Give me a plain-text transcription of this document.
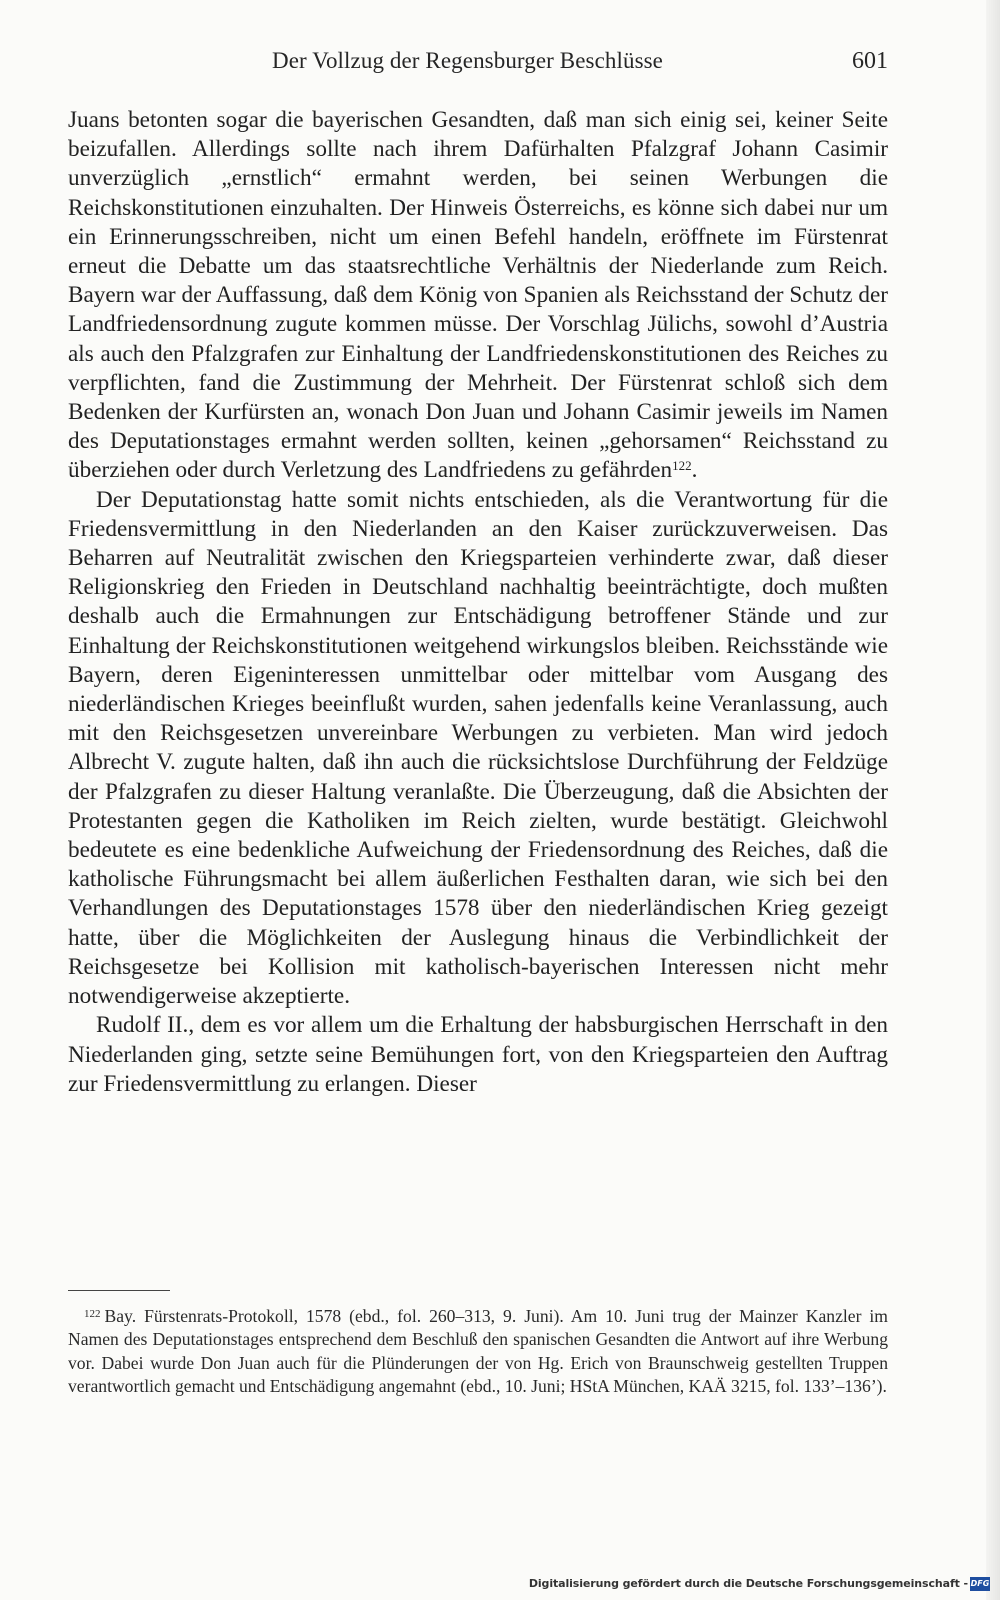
Der Vollzug der Regensburger Beschlüsse	601

Juans betonten sogar die bayerischen Gesandten, daß man sich einig sei, keiner Seite beizufallen. Allerdings sollte nach ihrem Dafürhalten Pfalzgraf Johann Casimir unverzüglich „ernstlich“ ermahnt werden, bei seinen Werbungen die Reichskonstitutionen einzuhalten. Der Hinweis Österreichs, es könne sich dabei nur um ein Erinnerungsschreiben, nicht um einen Befehl handeln, eröffnete im Fürstenrat erneut die Debatte um das staatsrechtliche Verhältnis der Niederlande zum Reich. Bayern war der Auffassung, daß dem König von Spanien als Reichsstand der Schutz der Landfriedensordnung zugute kommen müsse. Der Vorschlag Jülichs, sowohl d’Austria als auch den Pfalzgrafen zur Einhaltung der Landfriedenskonstitutionen des Reiches zu verpflichten, fand die Zustimmung der Mehrheit. Der Fürstenrat schloß sich dem Bedenken der Kurfürsten an, wonach Don Juan und Johann Casimir jeweils im Namen des Deputationstages ermahnt werden sollten, keinen „gehorsamen“ Reichsstand zu überziehen oder durch Verletzung des Landfriedens zu gefährden$^{122}$.

Der Deputationstag hatte somit nichts entschieden, als die Verantwortung für die Friedensvermittlung in den Niederlanden an den Kaiser zurückzuverweisen. Das Beharren auf Neutralität zwischen den Kriegsparteien verhinderte zwar, daß dieser Religionskrieg den Frieden in Deutschland nachhaltig beeinträchtigte, doch mußten deshalb auch die Ermahnungen zur Entschädigung betroffener Stände und zur Einhaltung der Reichskonstitutionen weitgehend wirkungslos bleiben. Reichsstände wie Bayern, deren Eigeninteressen unmittelbar oder mittelbar vom Ausgang des niederländischen Krieges beeinflußt wurden, sahen jedenfalls keine Veranlassung, auch mit den Reichsgesetzen unvereinbare Werbungen zu verbieten. Man wird jedoch Albrecht V. zugute halten, daß ihn auch die rücksichtslose Durchführung der Feldzüge der Pfalzgrafen zu dieser Haltung veranlaßte. Die Überzeugung, daß die Absichten der Protestanten gegen die Katholiken im Reich zielten, wurde bestätigt. Gleichwohl bedeutete es eine bedenkliche Aufweichung der Friedensordnung des Reiches, daß die katholische Führungsmacht bei allem äußerlichen Festhalten daran, wie sich bei den Verhandlungen des Deputationstages 1578 über den niederländischen Krieg gezeigt hatte, über die Möglichkeiten der Auslegung hinaus die Verbindlichkeit der Reichsgesetze bei Kollision mit katholisch-bayerischen Interessen nicht mehr notwendigerweise akzeptierte.

Rudolf II., dem es vor allem um die Erhaltung der habsburgischen Herrschaft in den Niederlanden ging, setzte seine Bemühungen fort, von den Kriegsparteien den Auftrag zur Friedensvermittlung zu erlangen. Dieser

$^{122}$ Bay. Fürstenrats-Protokoll, 1578 (ebd., fol. 260–313, 9. Juni). Am 10. Juni trug der Mainzer Kanzler im Namen des Deputationstages entsprechend dem Beschluß den spanischen Gesandten die Antwort auf ihre Werbung vor. Dabei wurde Don Juan auch für die Plünderungen der von Hg. Erich von Braunschweig gestellten Truppen verantwortlich gemacht und Entschädigung angemahnt (ebd., 10. Juni; HStA München, KAÄ 3215, fol. 133’–136’).

Digitalisierung gefördert durch die Deutsche Forschungsgemeinschaft - DFG
